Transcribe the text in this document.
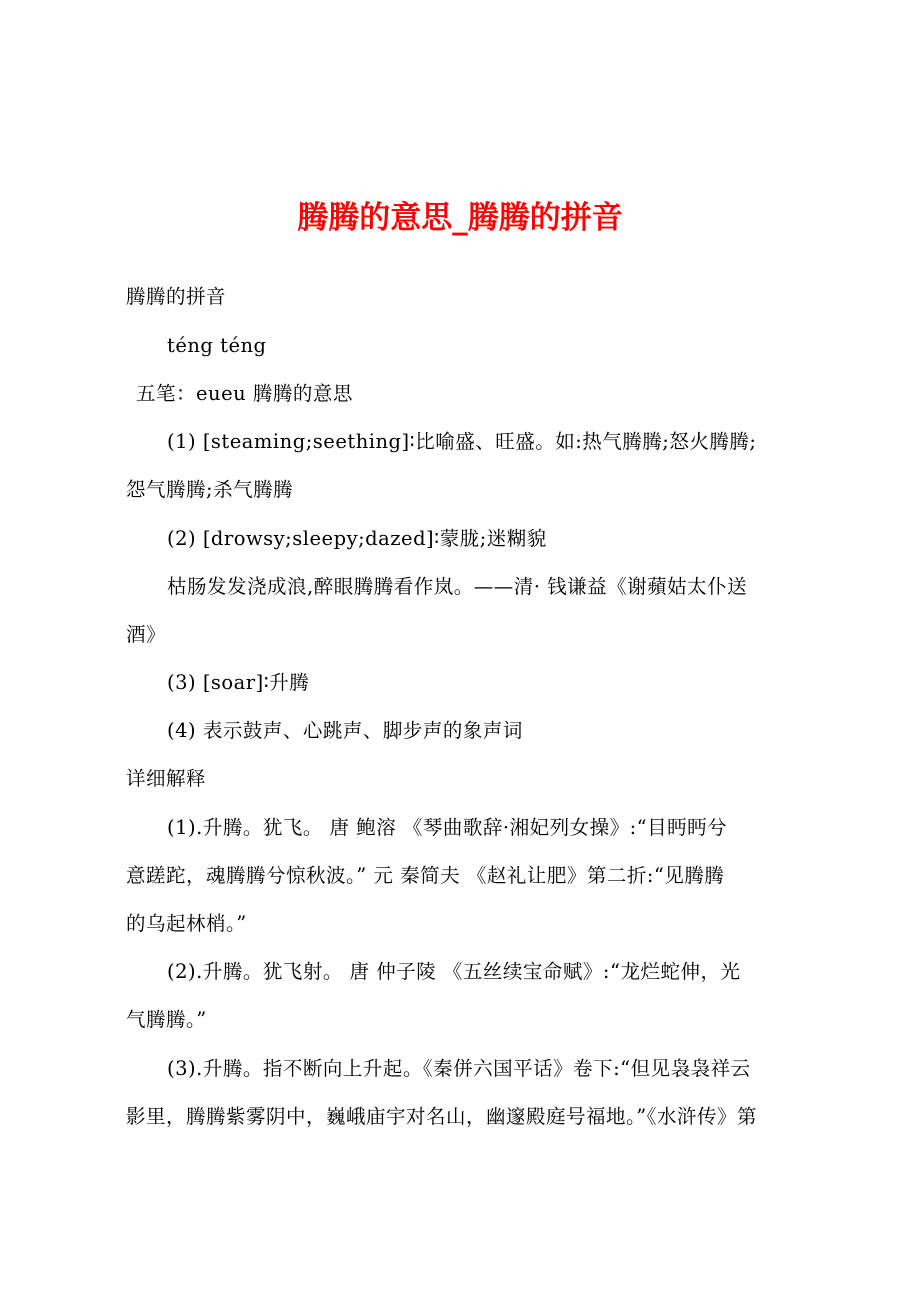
腾腾的意思_腾腾的拼音
腾腾的拼音
téng téng
五笔：eueu 腾腾的意思
(1) [steaming;seething]∶比喻盛、旺盛。如:热气腾腾;怒火腾腾;
怨气腾腾;杀气腾腾
(2) [drowsy;sleepy;dazed]∶蒙胧;迷糊貌
枯肠发发浇成浪,醉眼腾腾看作岚。——清· 钱谦益《谢蘋姑太仆送
酒》
(3) [soar]∶升腾
(4) 表示鼓声、心跳声、脚步声的象声词
详细解释
(1).升腾。犹飞。 唐 鲍溶 《琴曲歌辞·湘妃列女操》:“目眄眄兮
意蹉跎，魂腾腾兮惊秋波。” 元 秦简夫 《赵礼让肥》第二折:“见腾腾
的乌起林梢。”
(2).升腾。犹飞射。 唐 仲子陵 《五丝续宝命赋》:“龙烂蛇伸，光
气腾腾。”
(3).升腾。指不断向上升起。《秦併六国平话》卷下:“但见袅袅祥云
影里，腾腾紫雾阴中，巍峨庙宇对名山，幽邃殿庭号福地。”《水浒传》第
